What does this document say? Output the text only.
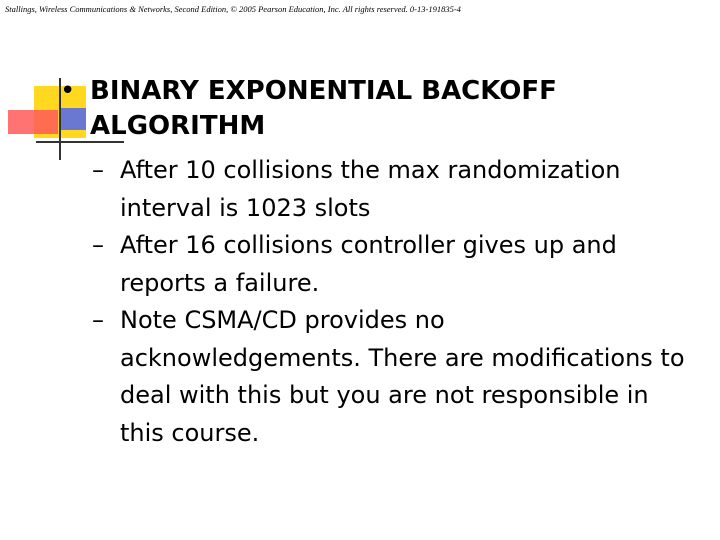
Stallings, Wireless Communications & Networks, Second Edition, © 2005 Pearson Education, Inc. All rights reserved. 0-13-191835-4
• BINARY EXPONENTIAL BACKOFF
ALGORITHM
– After 10 collisions the max randomization interval is 1023 slots
– After 16 collisions controller gives up and reports a failure.
– Note CSMA/CD provides no acknowledgements. There are modifications to deal with this but you are not responsible in this course.
